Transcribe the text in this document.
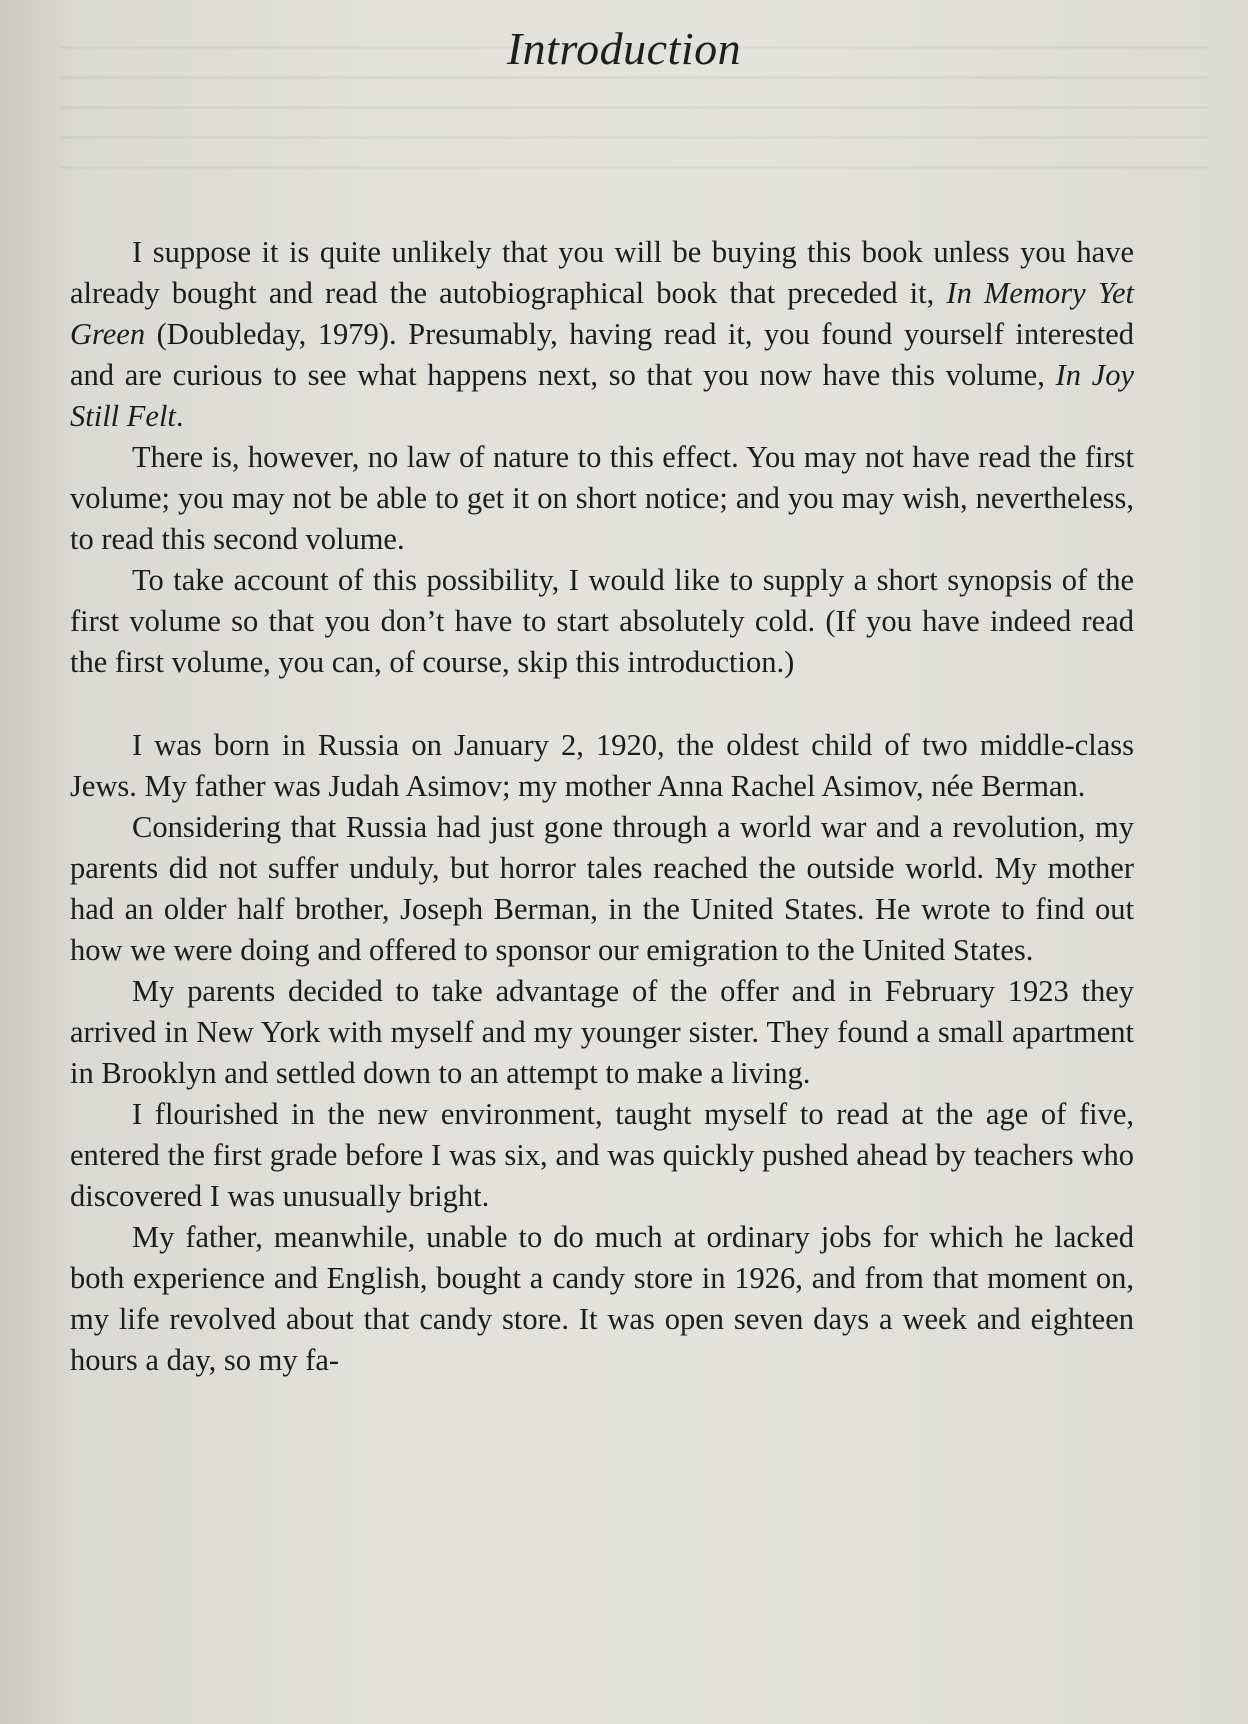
Introduction

I suppose it is quite unlikely that you will be buying this book unless you have already bought and read the autobiographical book that preceded it, In Memory Yet Green (Doubleday, 1979). Presumably, having read it, you found yourself interested and are curious to see what happens next, so that you now have this volume, In Joy Still Felt.

There is, however, no law of nature to this effect. You may not have read the first volume; you may not be able to get it on short notice; and you may wish, nevertheless, to read this second volume.

To take account of this possibility, I would like to supply a short synopsis of the first volume so that you don’t have to start absolutely cold. (If you have indeed read the first volume, you can, of course, skip this introduction.)

I was born in Russia on January 2, 1920, the oldest child of two middle-class Jews. My father was Judah Asimov; my mother Anna Rachel Asimov, née Berman.

Considering that Russia had just gone through a world war and a revolution, my parents did not suffer unduly, but horror tales reached the outside world. My mother had an older half brother, Joseph Berman, in the United States. He wrote to find out how we were doing and offered to sponsor our emigration to the United States.

My parents decided to take advantage of the offer and in February 1923 they arrived in New York with myself and my younger sister. They found a small apartment in Brooklyn and settled down to an attempt to make a living.

I flourished in the new environment, taught myself to read at the age of five, entered the first grade before I was six, and was quickly pushed ahead by teachers who discovered I was unusually bright.

My father, meanwhile, unable to do much at ordinary jobs for which he lacked both experience and English, bought a candy store in 1926, and from that moment on, my life revolved about that candy store. It was open seven days a week and eighteen hours a day, so my fa-
